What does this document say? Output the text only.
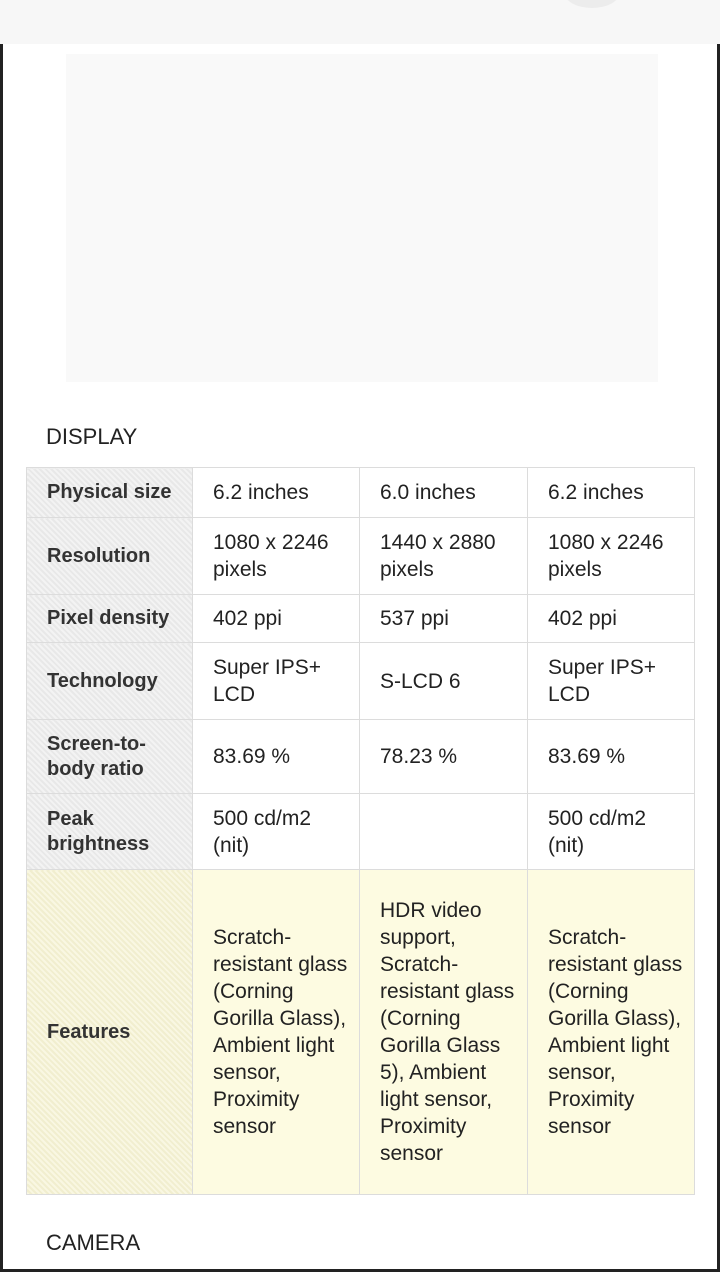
DISPLAY
Physical size	6.2 inches	6.0 inches	6.2 inches
Resolution	1080 x 2246 pixels	1440 x 2880 pixels	1080 x 2246 pixels
Pixel density	402 ppi	537 ppi	402 ppi
Technology	Super IPS+ LCD	S-LCD 6	Super IPS+ LCD
Screen-to-body ratio	83.69 %	78.23 %	83.69 %
Peak brightness	500 cd/m2 (nit)		500 cd/m2 (nit)
Features	Scratch-resistant glass (Corning Gorilla Glass), Ambient light sensor, Proximity sensor	HDR video support, Scratch-resistant glass (Corning Gorilla Glass 5), Ambient light sensor, Proximity sensor	Scratch-resistant glass (Corning Gorilla Glass), Ambient light sensor, Proximity sensor
CAMERA
